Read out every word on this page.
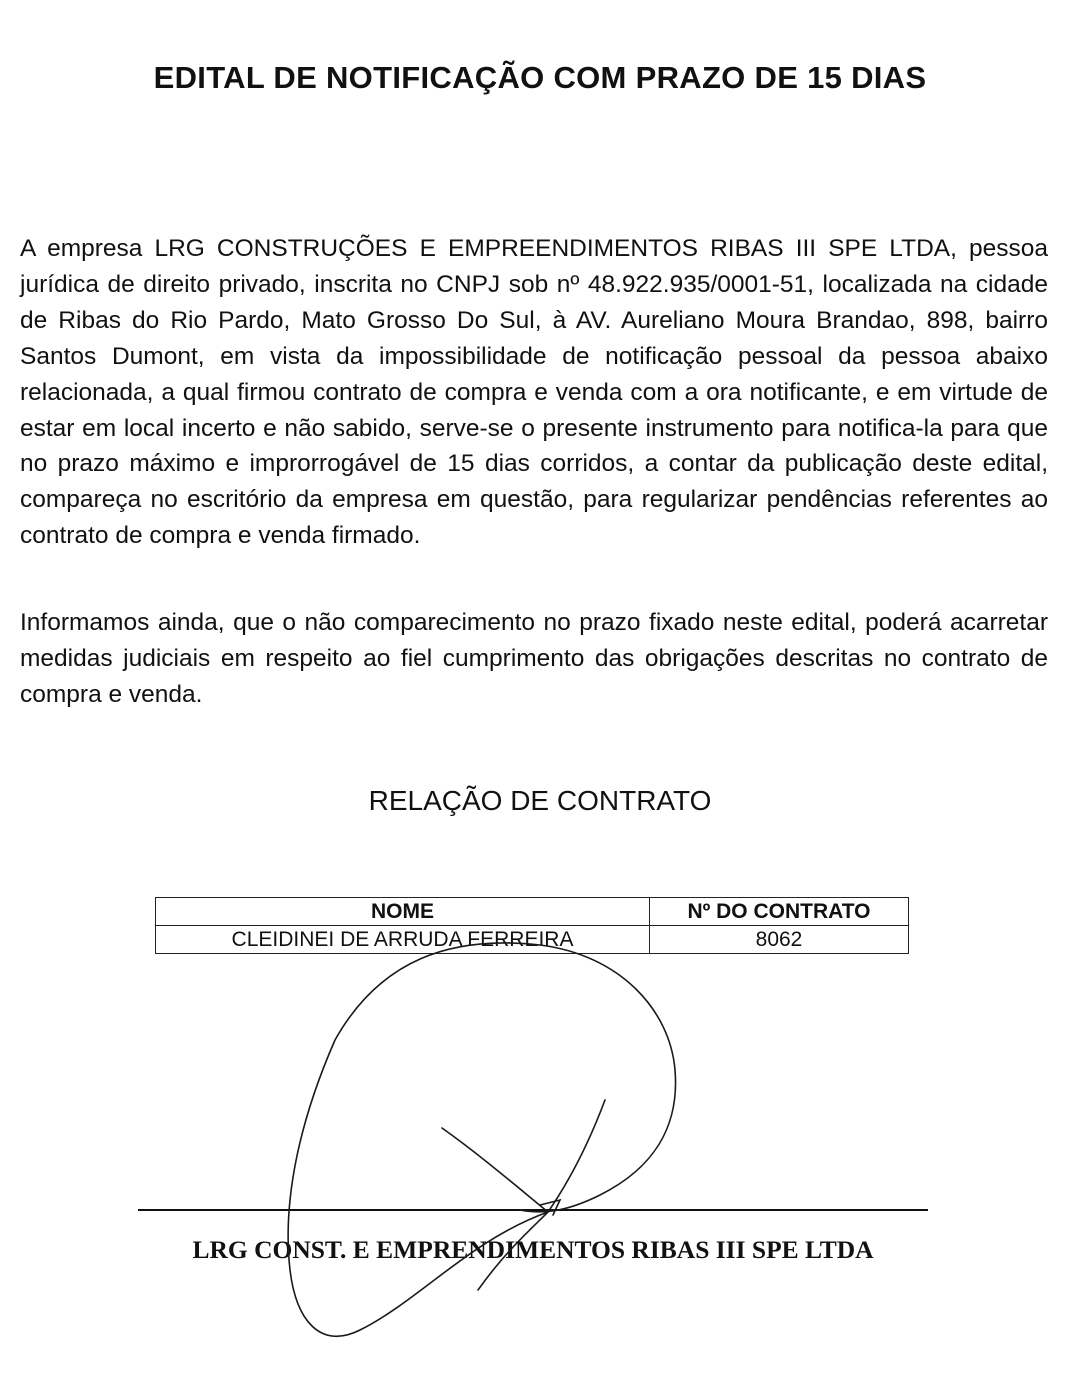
EDITAL DE NOTIFICAÇÃO COM PRAZO DE 15 DIAS

A empresa LRG CONSTRUÇÕES E EMPREENDIMENTOS RIBAS III SPE LTDA, pessoa jurídica de direito privado, inscrita no CNPJ sob nº 48.922.935/0001-51, localizada na cidade de Ribas do Rio Pardo, Mato Grosso Do Sul, à AV. Aureliano Moura Brandao, 898, bairro Santos Dumont, em vista da impossibilidade de notificação pessoal da pessoa abaixo relacionada, a qual firmou contrato de compra e venda com a ora notificante, e em virtude de estar em local incerto e não sabido, serve-se o presente instrumento para notifica-la para que no prazo máximo e improrrogável de 15 dias corridos, a contar da publicação deste edital, compareça no escritório da empresa em questão, para regularizar pendências referentes ao contrato de compra e venda firmado.

Informamos ainda, que o não comparecimento no prazo fixado neste edital, poderá acarretar medidas judiciais em respeito ao fiel cumprimento das obrigações descritas no contrato de compra e venda.

RELAÇÃO DE CONTRATO
NOME	Nº DO CONTRATO
CLEIDINEI DE ARRUDA FERREIRA	8062

LRG CONST. E EMPRENDIMENTOS RIBAS III SPE LTDA
